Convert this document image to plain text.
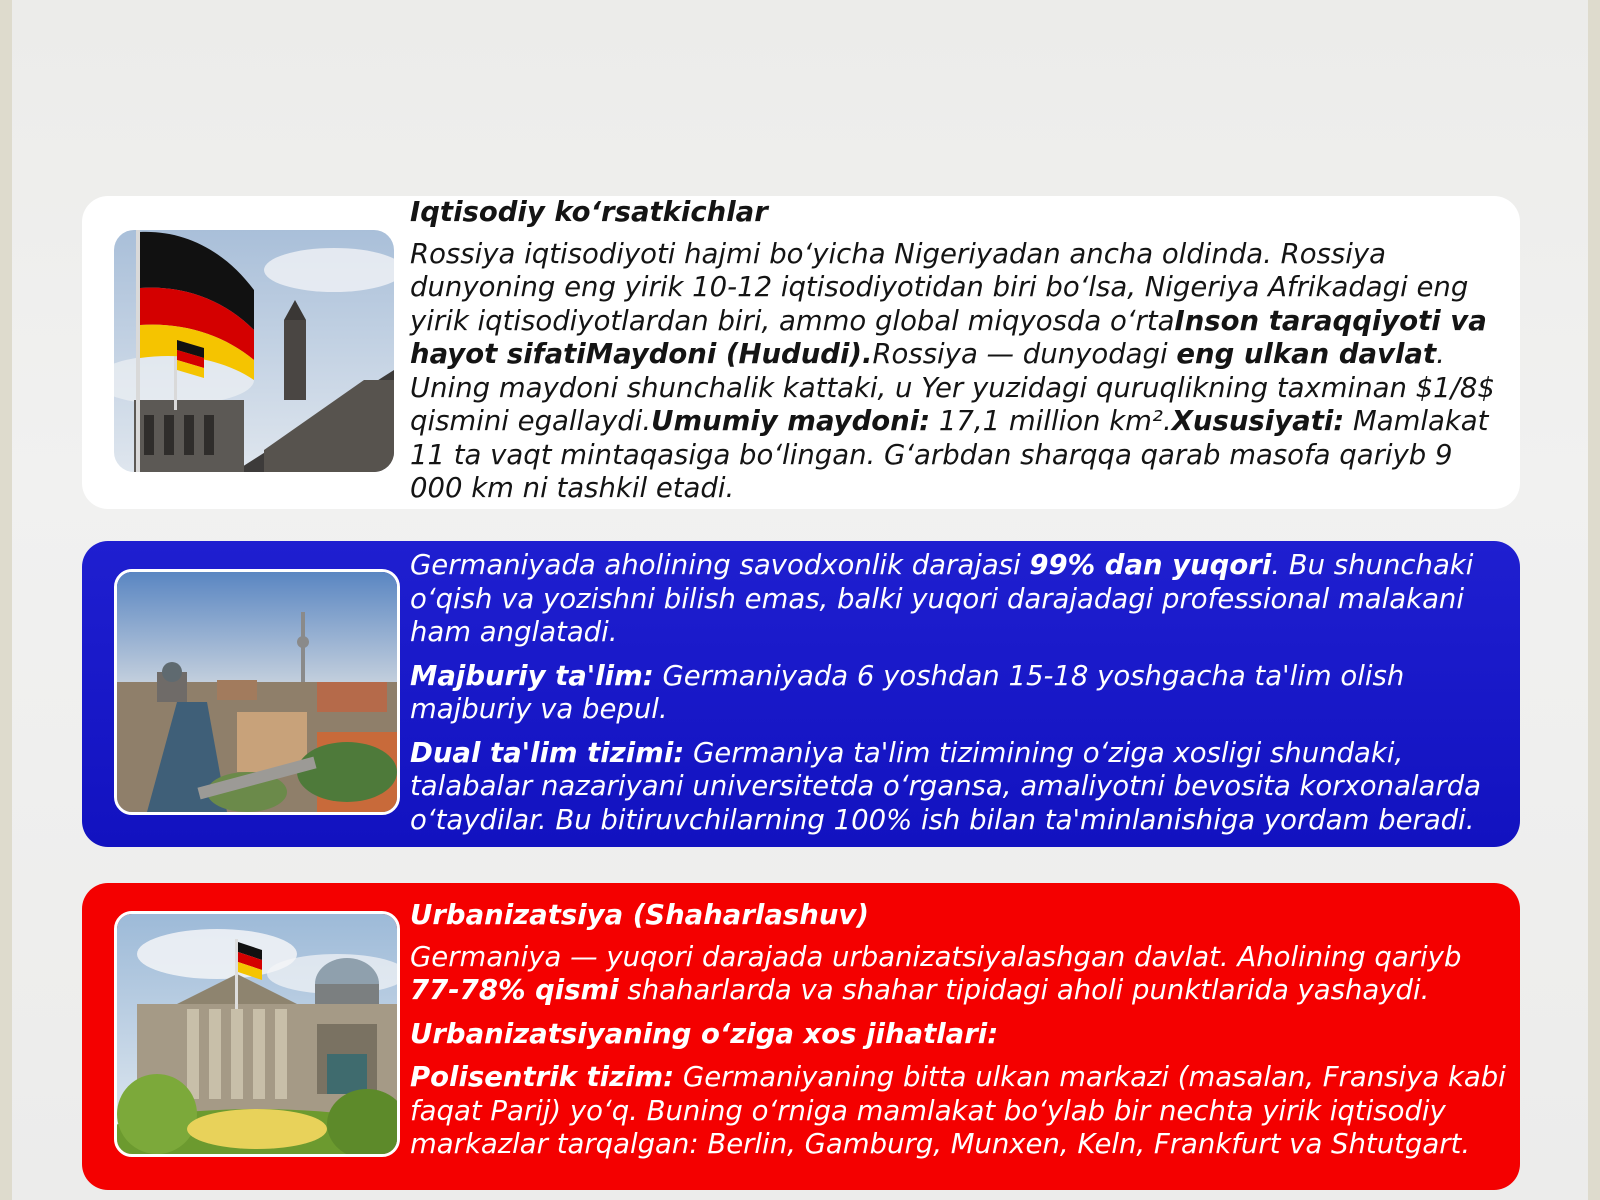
Iqtisodiy koʻrsatkichlar

Rossiya iqtisodiyoti hajmi boʻyicha Nigeriyadan ancha oldinda. Rossiya dunyoning eng yirik 10-12 iqtisodiyotidan biri boʻlsa, Nigeriya Afrikadagi eng yirik iqtisodiyotlardan biri, ammo global miqyosda oʻrtaInson taraqqiyoti va hayot sifatiMaydoni (Hududi).Rossiya — dunyodagi eng ulkan davlat. Uning maydoni shunchalik kattaki, u Yer yuzidagi quruqlikning taxminan $1/8$ qismini egallaydi.Umumiy maydoni: 17,1 million km².Xususiyati: Mamlakat 11 ta vaqt mintaqasiga boʻlingan. Gʻarbdan sharqqa qarab masofa qariyb 9 000 km ni tashkil etadi.

Germaniyada aholining savodxonlik darajasi 99% dan yuqori. Bu shunchaki oʻqish va yozishni bilish emas, balki yuqori darajadagi professional malakani ham anglatadi.

Majburiy ta'lim: Germaniyada 6 yoshdan 15-18 yoshgacha ta'lim olish majburiy va bepul.

Dual ta'lim tizimi: Germaniya ta'lim tizimining oʻziga xosligi shundaki, talabalar nazariyani universitetda oʻrgansa, amaliyotni bevosita korxonalarda oʻtaydilar. Bu bitiruvchilarning 100% ish bilan ta'minlanishiga yordam beradi.

Urbanizatsiya (Shaharlashuv)

Germaniya — yuqori darajada urbanizatsiyalashgan davlat. Aholining qariyb 77-78% qismi shaharlarda va shahar tipidagi aholi punktlarida yashaydi.

Urbanizatsiyaning oʻziga xos jihatlari:

Polisentrik tizim: Germaniyaning bitta ulkan markazi (masalan, Fransiya kabi faqat Parij) yoʻq. Buning oʻrniga mamlakat boʻylab bir nechta yirik iqtisodiy markazlar tarqalgan: Berlin, Gamburg, Munxen, Keln, Frankfurt va Shtutgart.
